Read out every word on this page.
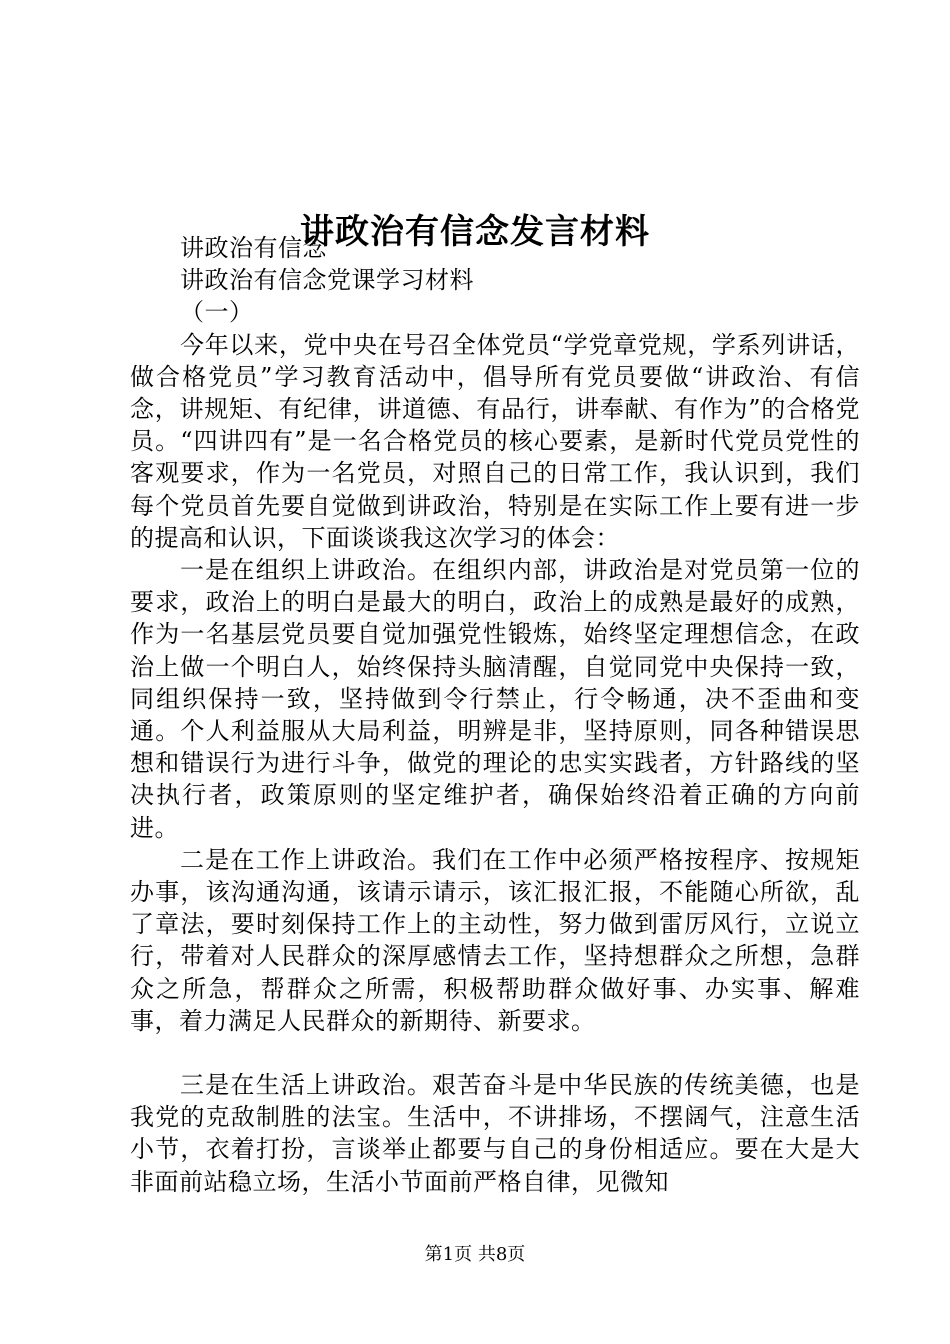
讲政治有信念发言材料

讲政治有信念

讲政治有信念党课学习材料

（一）

今年以来，党中央在号召全体党员“学党章党规，学系列讲话，做合格党员”学习教育活动中，倡导所有党员要做“讲政治、有信念，讲规矩、有纪律，讲道德、有品行，讲奉献、有作为”的合格党员。“四讲四有”是一名合格党员的核心要素，是新时代党员党性的客观要求，作为一名党员，对照自己的日常工作，我认识到，我们每个党员首先要自觉做到讲政治，特别是在实际工作上要有进一步的提高和认识，下面谈谈我这次学习的体会：

一是在组织上讲政治。在组织内部，讲政治是对党员第一位的要求，政治上的明白是最大的明白，政治上的成熟是最好的成熟，作为一名基层党员要自觉加强党性锻炼，始终坚定理想信念，在政治上做一个明白人，始终保持头脑清醒，自觉同党中央保持一致，同组织保持一致，坚持做到令行禁止，行令畅通，决不歪曲和变通。个人利益服从大局利益，明辨是非，坚持原则，同各种错误思想和错误行为进行斗争，做党的理论的忠实实践者，方针路线的坚决执行者，政策原则的坚定维护者，确保始终沿着正确的方向前进。

二是在工作上讲政治。我们在工作中必须严格按程序、按规矩办事，该沟通沟通，该请示请示，该汇报汇报，不能随心所欲，乱了章法，要时刻保持工作上的主动性，努力做到雷厉风行，立说立行，带着对人民群众的深厚感情去工作，坚持想群众之所想，急群众之所急，帮群众之所需，积极帮助群众做好事、办实事、解难事，着力满足人民群众的新期待、新要求。

三是在生活上讲政治。艰苦奋斗是中华民族的传统美德，也是我党的克敌制胜的法宝。生活中，不讲排场，不摆阔气，注意生活小节，衣着打扮，言谈举止都要与自己的身份相适应。要在大是大非面前站稳立场，生活小节面前严格自律，见微知

第1页 共8页
